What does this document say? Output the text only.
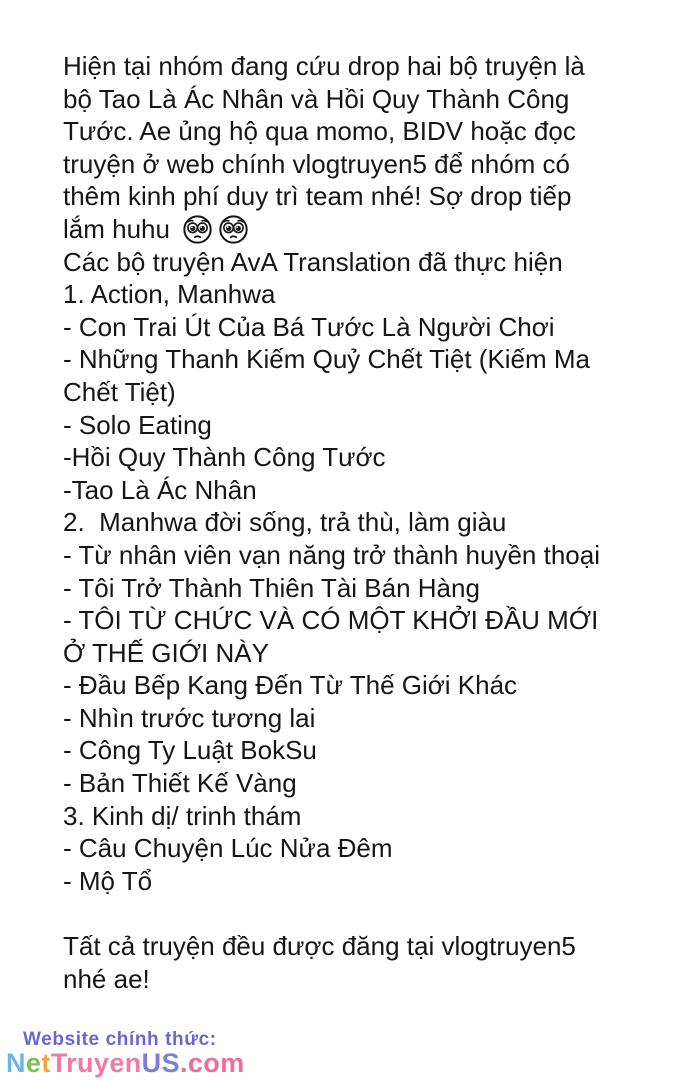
Hiện tại nhóm đang cứu drop hai bộ truyện là
bộ Tao Là Ác Nhân và Hồi Quy Thành Công
Tước. Ae ủng hộ qua momo, BIDV hoặc đọc
truyện ở web chính vlogtruyen5 để nhóm có
thêm kinh phí duy trì team nhé! Sợ drop tiếp
lắm huhu
Các bộ truyện AvA Translation đã thực hiện
1. Action, Manhwa
- Con Trai Út Của Bá Tước Là Người Chơi
- Những Thanh Kiếm Quỷ Chết Tiệt (Kiếm Ma
Chết Tiệt)
- Solo Eating
-Hồi Quy Thành Công Tước
-Tao Là Ác Nhân
2.  Manhwa đời sống, trả thù, làm giàu
- Từ nhân viên vạn năng trở thành huyền thoại
- Tôi Trở Thành Thiên Tài Bán Hàng
- TÔI TỪ CHỨC VÀ CÓ MỘT KHỞI ĐẦU MỚI
Ở THẾ GIỚI NÀY
- Đầu Bếp Kang Đến Từ Thế Giới Khác
- Nhìn trước tương lai
- Công Ty Luật BokSu
- Bản Thiết Kế Vàng
3. Kinh dị/ trinh thám
- Câu Chuyện Lúc Nửa Đêm
- Mộ Tổ
Tất cả truyện đều được đăng tại vlogtruyen5
nhé ae!
Website chính thức:
NetTruyenUS.com
